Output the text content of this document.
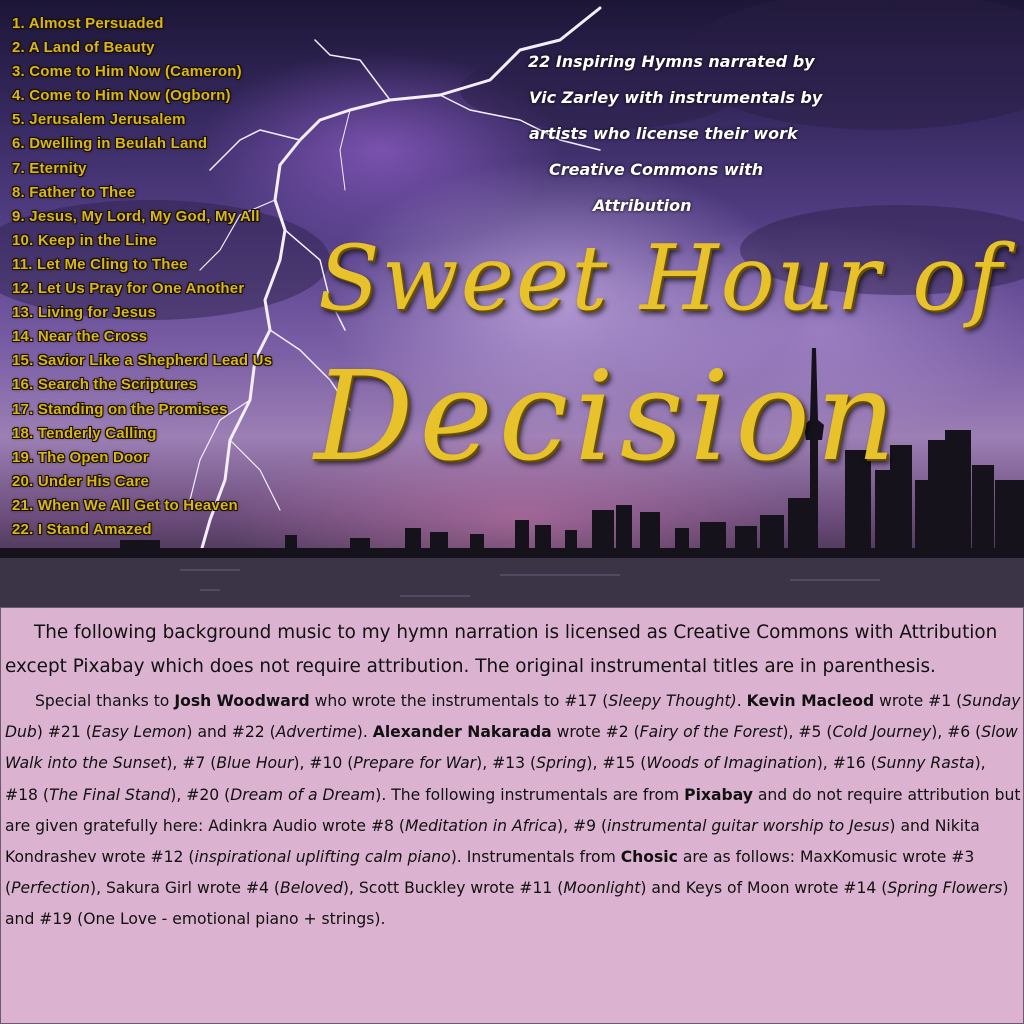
1. Almost Persuaded
2. A Land of Beauty
3. Come to Him Now (Cameron)
4. Come to Him Now (Ogborn)
5. Jerusalem Jerusalem
6. Dwelling in Beulah Land
7. Eternity
8. Father to Thee
9. Jesus, My Lord, My God, My All
10. Keep in the Line
11. Let Me Cling to Thee
12. Let Us Pray for One Another
13. Living for Jesus
14. Near the Cross
15. Savior Like a Shepherd Lead Us
16. Search the Scriptures
17. Standing on the Promises
18. Tenderly Calling
19. The Open Door
20. Under His Care
21. When We All Get to Heaven
22. I Stand Amazed
22 Inspiring Hymns narrated by
Vic Zarley with instrumentals by
artists who license their work
Creative Commons with
Attribution
Sweet Hour of
Decision

The following background music to my hymn narration is licensed as Creative Commons with Attribution except Pixabay which does not require attribution. The original instrumental titles are in parenthesis.

Special thanks to Josh Woodward who wrote the instrumentals to #17 (Sleepy Thought). Kevin Macleod wrote #1 (Sunday Dub) #21 (Easy Lemon) and #22 (Advertime). Alexander Nakarada wrote #2 (Fairy of the Forest), #5 (Cold Journey), #6 (Slow Walk into the Sunset), #7 (Blue Hour), #10 (Prepare for War), #13 (Spring), #15 (Woods of Imagination), #16 (Sunny Rasta), #18 (The Final Stand), #20 (Dream of a Dream). The following instrumentals are from Pixabay and do not require attribution but are given gratefully here: Adinkra Audio wrote #8 (Meditation in Africa), #9 (instrumental guitar worship to Jesus) and Nikita Kondrashev wrote #12 (inspirational uplifting calm piano). Instrumentals from Chosic are as follows: MaxKomusic wrote #3 (Perfection), Sakura Girl wrote #4 (Beloved), Scott Buckley wrote #11 (Moonlight) and Keys of Moon wrote #14 (Spring Flowers) and #19 (One Love - emotional piano + strings).
